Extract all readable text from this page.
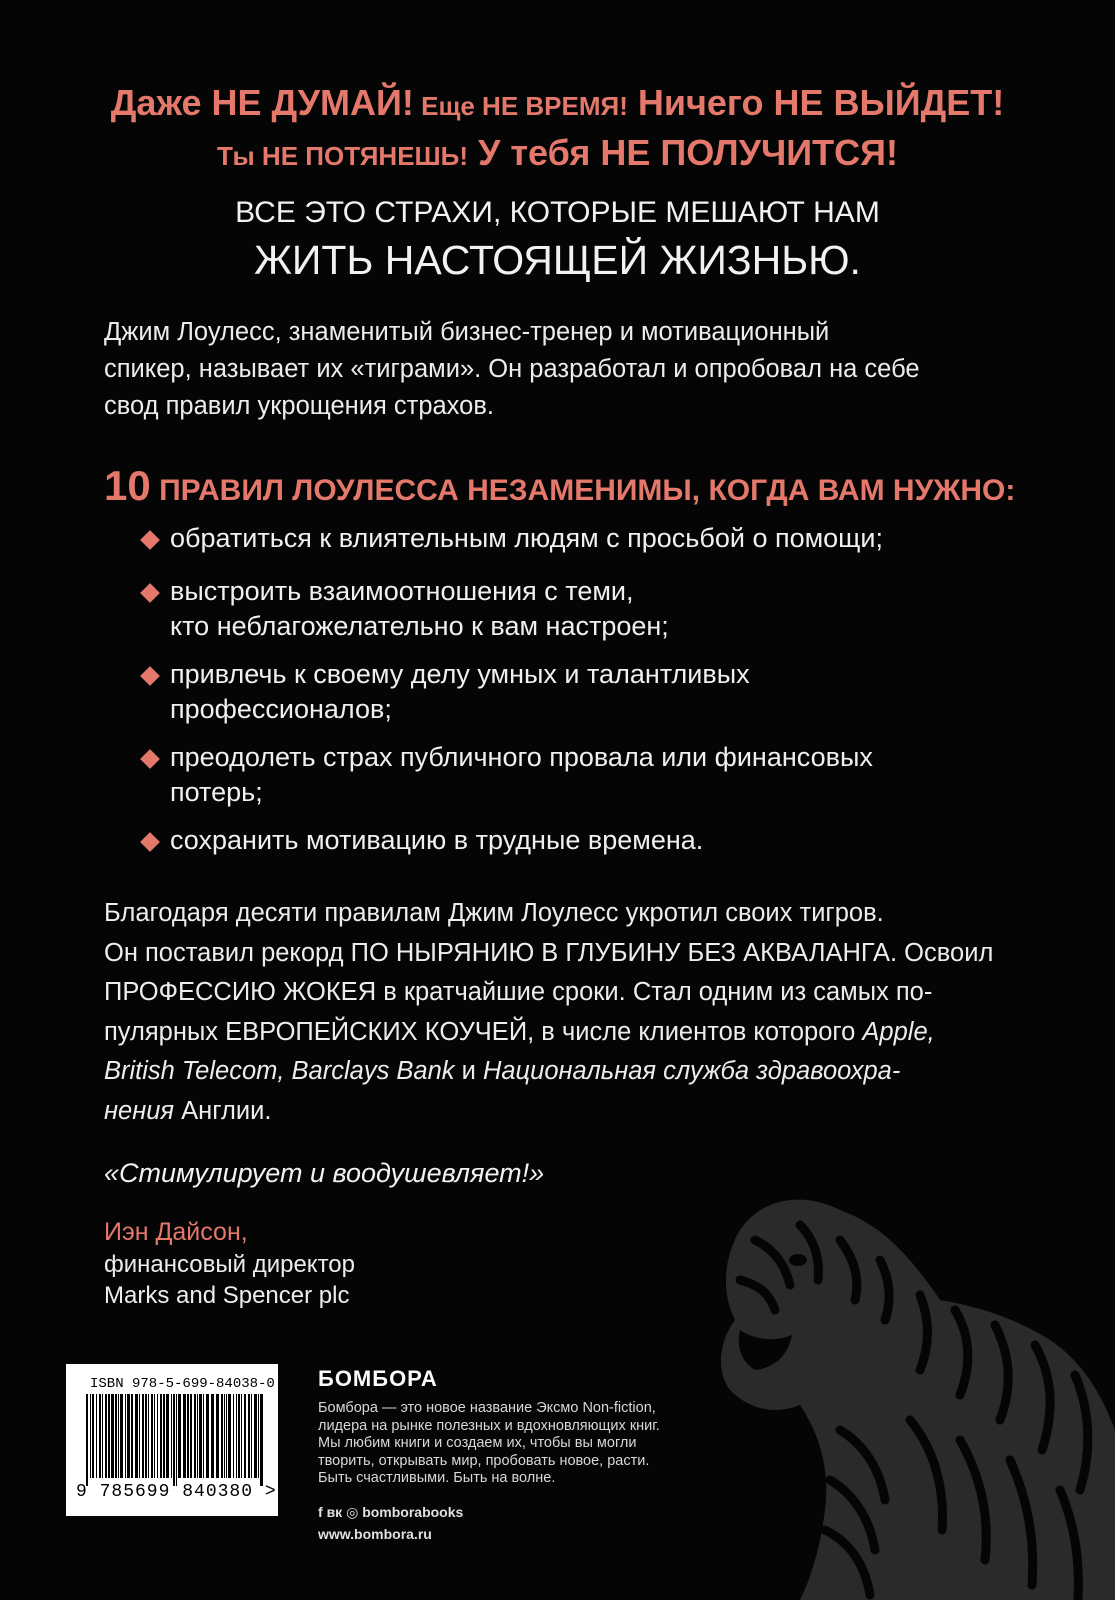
Даже НЕ ДУМАЙ! Еще НЕ ВРЕМЯ! Ничего НЕ ВЫЙДЕТ!
Ты НЕ ПОТЯНЕШЬ! У тебя НЕ ПОЛУЧИТСЯ!
ВСЕ ЭТО СТРАХИ, КОТОРЫЕ МЕШАЮТ НАМ
ЖИТЬ НАСТОЯЩЕЙ ЖИЗНЬЮ.
Джим Лоулесс, знаменитый бизнес-тренер и мотивационный
спикер, называет их «тиграми». Он разработал и опробовал на себе
свод правил укрощения страхов.
10 ПРАВИЛ ЛОУЛЕССА НЕЗАМЕНИМЫ, КОГДА ВАМ НУЖНО:
обратиться к влиятельным людям с просьбой о помощи;
выстроить взаимоотношения с теми,
кто неблагожелательно к вам настроен;
привлечь к своему делу умных и талантливых
профессионалов;
преодолеть страх публичного провала или финансовых
потерь;
сохранить мотивацию в трудные времена.
Благодаря десяти правилам Джим Лоулесс укротил своих тигров.
Он поставил рекорд ПО НЫРЯНИЮ В ГЛУБИНУ БЕЗ АКВАЛАНГА. Освоил
ПРОФЕССИЮ ЖОКЕЯ в кратчайшие сроки. Стал одним из самых по-
пулярных ЕВРОПЕЙСКИХ КОУЧЕЙ, в числе клиентов которого Apple,
British Telecom, Barclays Bank и Национальная служба здравоохра-
нения Англии.
«Стимулирует и воодушевляет!»
Иэн Дайсон,
финансовый директор
Marks and Spencer plc
ISBN 978-5-699-84038-0
9 785699 840380 >
БОМБОРА
Бомбора — это новое название Эксмо Non-fiction,
лидера на рынке полезных и вдохновляющих книг.
Мы любим книги и создаем их, чтобы вы могли
творить, открывать мир, пробовать новое, расти.
Быть счастливыми. Быть на волне.
f вк ◎ bomborabooks
www.bombora.ru
